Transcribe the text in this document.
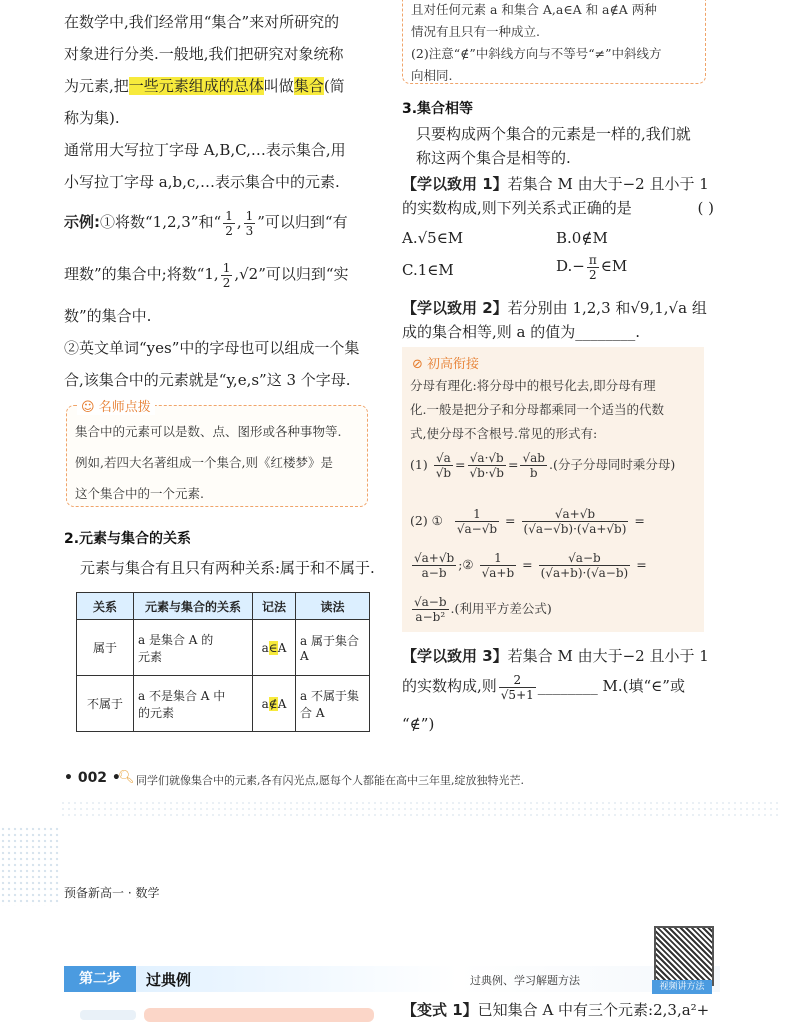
在数学中,我们经常用“集合”来对所研究的
对象进行分类.一般地,我们把研究对象统称
为元素,把一些元素组成的总体叫做集合(简
称为集).
通常用大写拉丁字母 A,B,C,…表示集合,用
小写拉丁字母 a,b,c,…表示集合中的元素.
示例:①将数“1,2,3”和“ $\frac{1}{2}$ , $\frac{1}{3}$ ”可以归到“有
理数”的集合中;将数“1, $\frac{1}{2} ,√2$”可以归到“实
数”的集合中.
②英文单词“yes”中的字母也可以组成一个集
合,该集合中的元素就是“y,e,s”这 3 个字母.
☺ 名师点拨
集合中的元素可以是数、点、图形或各种事物等.
例如,若四大名著组成一个集合,则《红楼梦》是
这个集合中的一个元素.
2.元素与集合的关系
元素与集合有且只有两种关系:属于和不属于.
关系	元素与集合的关系	记法	读法
属于	a 是集合 A 的
元素	a∈A	a 属于集合 A
不属于	a 不是集合 A 中
的元素	a∉A	a 不属于集合 A
且对任何元素 a 和集合 A,a∈A 和 a∉A 两种
情况有且只有一种成立.
(2)注意“∉”中斜线方向与不等号“≠”中斜线方
向相同.
3.集合相等
只要构成两个集合的元素是一样的,我们就
称这两个集合是相等的.
【学以致用 1】若集合 M 由大于−2 且小于 1
的实数构成,则下列关系式正确的是	( )
A.√5∈M	B.0∉M
C.1∈M	$D.- \frac{\pi}{2}$ ∈M
【学以致用 2】若分别由 1,2,3 和√9,1,√a 组
成的集合相等,则 a 的值为________.
⊘ 初高衔接
分母有理化:将分母中的根号化去,即分母有理
化.一般是把分子和分母都乘同一个适当的代数
式,使分母不含根号.常见的形式有:
$(1) \frac{√a}{√b} = \frac{√a\cdot√b}{√b\cdot√b} = \frac{√ab}{b}$ .(分子分母同时乘分母)
(2) ① $\frac{1}{√a-√b} = \frac{√a+√b}{(√a-√b)\cdot(√a+√b)}$ =
$\frac{√a+√b}{a-b}$ ;② $\frac{1}{√a+b} = \frac{√a-b}{(√a+b)\cdot(√a-b)}$ =
$\frac{√a-b}{\text{a−b²}}$ .(利用平方差公式)
【学以致用 3】若集合 M 由大于−2 且小于 1
的实数构成,则 $\frac{2}{√5+1}$ ________ M.(填“∈”或
“∉”)
• 002 •
🔍︎ 同学们就像集合中的元素,各有闪光点,愿每个人都能在高中三年里,绽放独特光芒.
预备新高一 · 数学
第二步	过典例	过典例、学习解题方法	视频讲方法
【变式 1】已知集合 A 中有三个元素:2,3,a²+
